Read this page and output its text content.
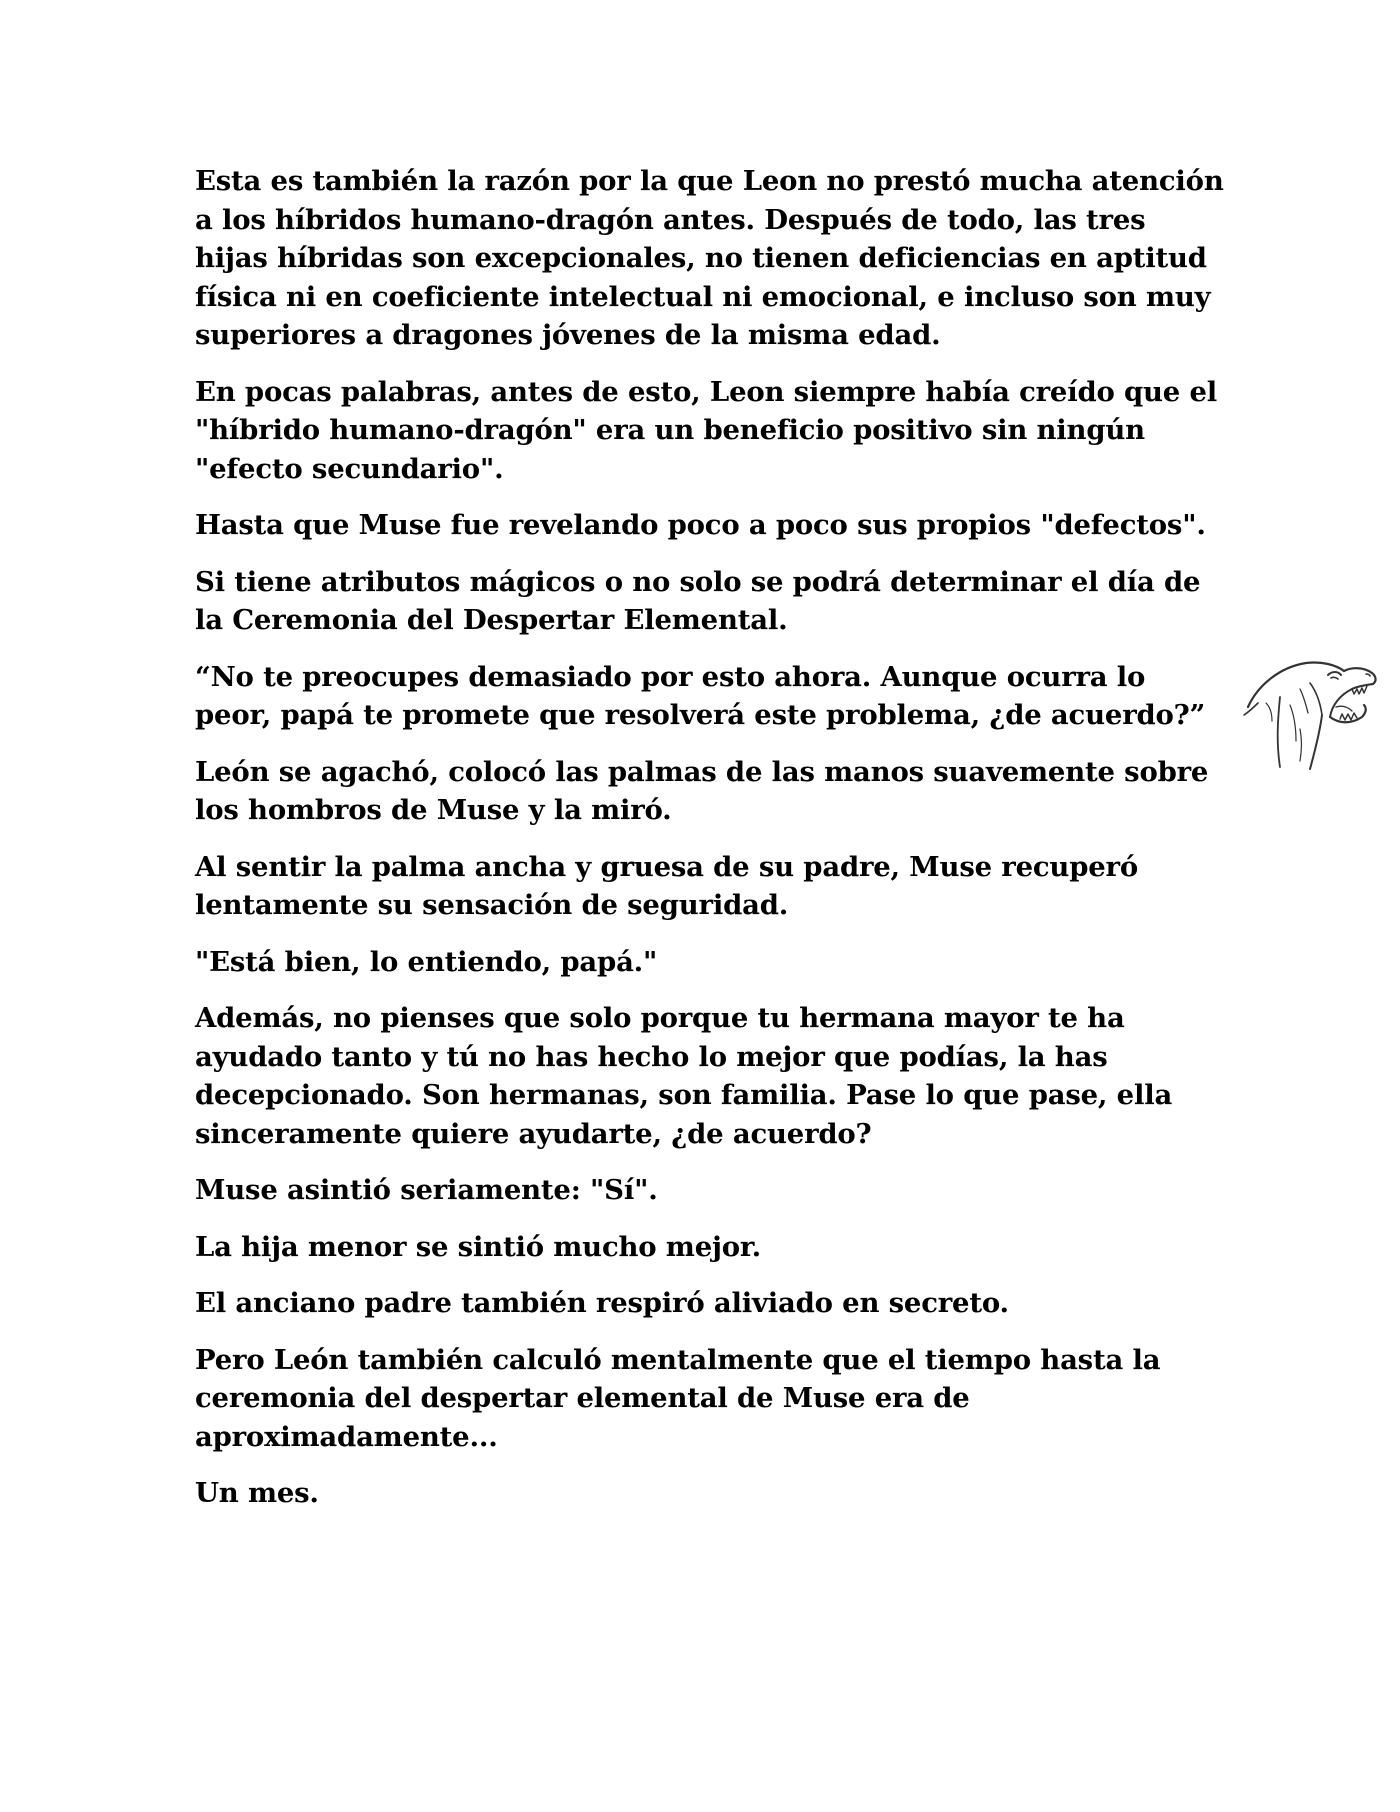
Esta es también la razón por la que Leon no prestó mucha atención a los híbridos humano-dragón antes. Después de todo, las tres hijas híbridas son excepcionales, no tienen deficiencias en aptitud física ni en coeficiente intelectual ni emocional, e incluso son muy superiores a dragones jóvenes de la misma edad.

En pocas palabras, antes de esto, Leon siempre había creído que el "híbrido humano-dragón" era un beneficio positivo sin ningún "efecto secundario".

Hasta que Muse fue revelando poco a poco sus propios "defectos".

Si tiene atributos mágicos o no solo se podrá determinar el día de la Ceremonia del Despertar Elemental.

“No te preocupes demasiado por esto ahora. Aunque ocurra lo peor, papá te promete que resolverá este problema, ¿de acuerdo?”

León se agachó, colocó las palmas de las manos suavemente sobre los hombros de Muse y la miró.

Al sentir la palma ancha y gruesa de su padre, Muse recuperó lentamente su sensación de seguridad.

"Está bien, lo entiendo, papá."

Además, no pienses que solo porque tu hermana mayor te ha ayudado tanto y tú no has hecho lo mejor que podías, la has decepcionado. Son hermanas, son familia. Pase lo que pase, ella sinceramente quiere ayudarte, ¿de acuerdo?

Muse asintió seriamente: "Sí".

La hija menor se sintió mucho mejor.

El anciano padre también respiró aliviado en secreto.

Pero León también calculó mentalmente que el tiempo hasta la ceremonia del despertar elemental de Muse era de aproximadamente...

Un mes.
